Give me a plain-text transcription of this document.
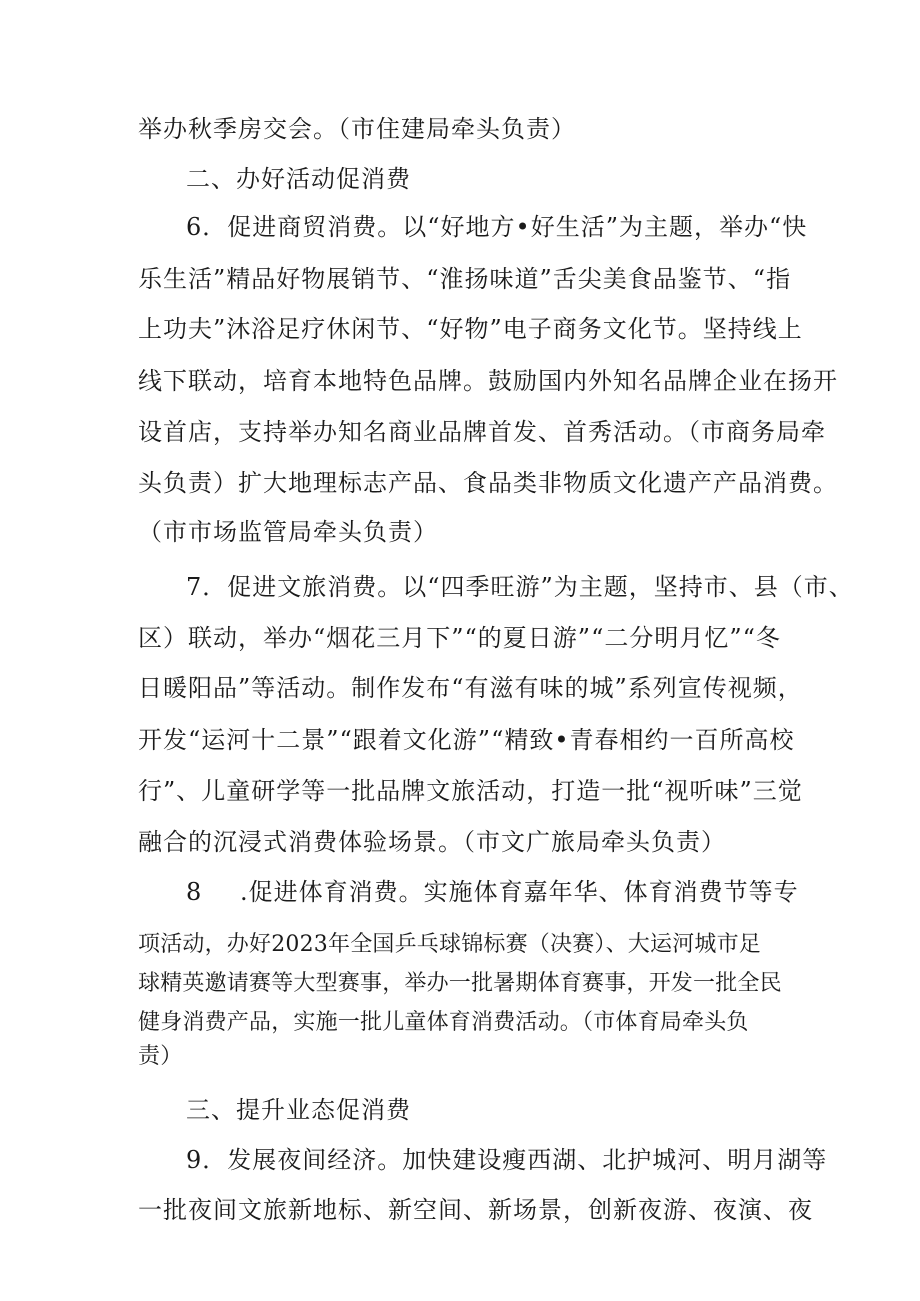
举办秋季房交会。（市住建局牵头负责）
二、办好活动促消费
6．促进商贸消费。以“好地方•好生活”为主题，举办“快
乐生活”精品好物展销节、“淮扬味道”舌尖美食品鉴节、“指
上功夫”沐浴足疗休闲节、“好物”电子商务文化节。坚持线上
线下联动，培育本地特色品牌。鼓励国内外知名品牌企业在扬开
设首店，支持举办知名商业品牌首发、首秀活动。（市商务局牵
头负责）扩大地理标志产品、食品类非物质文化遗产产品消费。
（市市场监管局牵头负责）
7．促进文旅消费。以“四季旺游”为主题，坚持市、县（市、
区）联动，举办“烟花三月下”“的夏日游”“二分明月忆”“冬
日暖阳品”等活动。制作发布“有滋有味的城”系列宣传视频，
开发“运河十二景”“跟着文化游”“精致•青春相约一百所高校
行”、儿童研学等一批品牌文旅活动，打造一批“视听味”三觉
融合的沉浸式消费体验场景。（市文广旅局牵头负责）
8 .促进体育消费。实施体育嘉年华、体育消费节等专
项活动，办好2023年全国乒乓球锦标赛（决赛）、大运河城市足
球精英邀请赛等大型赛事，举办一批暑期体育赛事，开发一批全民
健身消费产品，实施一批儿童体育消费活动。（市体育局牵头负
责）
三、提升业态促消费
9．发展夜间经济。加快建设瘦西湖、北护城河、明月湖等
一批夜间文旅新地标、新空间、新场景，创新夜游、夜演、夜
